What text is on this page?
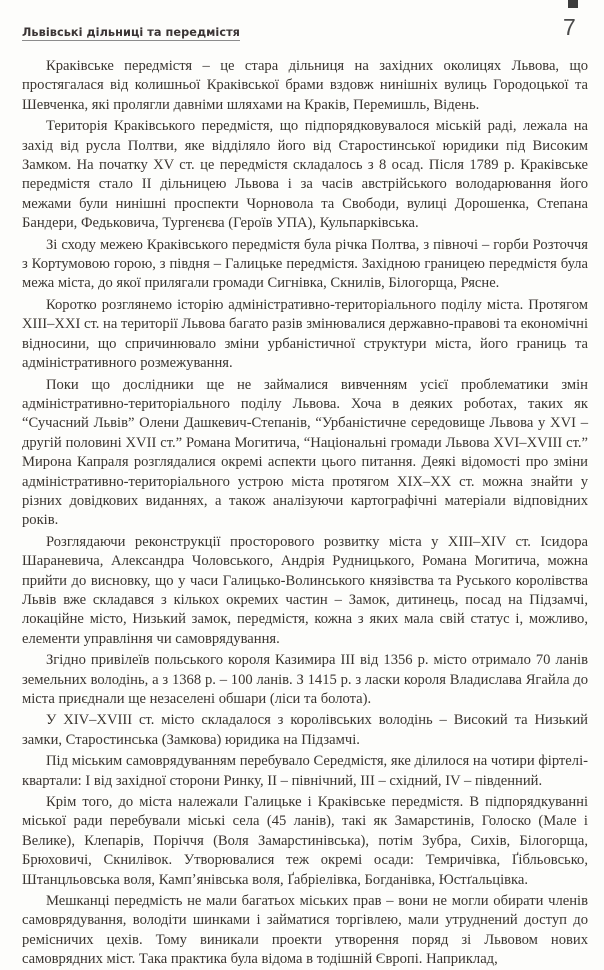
Львівські дільниці та передмістя	7

Краківське передмістя – це стара дільниця на західних околицях Львова, що простягалася від колишньої Краківської брами вздовж нинішніх вулиць Городоцької та Шевченка, які пролягли давніми шляхами на Краків, Перемишль, Відень.

Територія Краківського передмістя, що підпорядковувалося міській раді, лежала на захід від русла Полтви, яке відділяло його від Старостинської юридики під Високим Замком. На початку XV ст. це передмістя складалось з 8 осад. Після 1789 р. Краківське передмістя стало II дільницею Львова і за часів австрійського володарювання його межами були нинішні проспекти Чорновола та Свободи, вулиці Дорошенка, Степана Бандери, Федьковича, Тургенєва (Героїв УПА), Кульпарківська.

Зі сходу межею Краківського передмістя була річка Полтва, з півночі – горби Розточчя з Кортумовою горою, з півдня – Галицьке передмістя. Західною границею передмістя була межа міста, до якої прилягали громади Сигнівка, Скнилів, Білогорща, Рясне.

Коротко розглянемо історію адміністративно-територіального поділу міста. Протягом XIII–XXI ст. на території Львова багато разів змінювалися державно-правові та економічні відносини, що спричинювало зміни урбаністичної структури міста, його границь та адміністративного розмежування.

Поки що дослідники ще не займалися вивченням усієї проблематики змін адміністративно-територіального поділу Львова. Хоча в деяких роботах, таких як “Сучасний Львів” Олени Дашкевич-Степанів, “Урбаністичне середовище Львова у XVI – другій половині XVII ст.” Романа Могитича, “Національні громади Львова XVI–XVIII ст.” Мирона Капраля розглядалися окремі аспекти цього питання. Деякі відомості про зміни адміністративно-територіального устрою міста протягом XIX–XX ст. можна знайти у різних довідкових виданнях, а також аналізуючи картографічні матеріали відповідних років.

Розглядаючи реконструкції просторового розвитку міста у XIII–XIV ст. Ісидора Шараневича, Александра Чоловського, Андрія Рудницького, Романа Могитича, можна прийти до висновку, що у часи Галицько-Волинського князівства та Руського королівства Львів вже складався з кількох окремих частин – Замок, дитинець, посад на Підзамчі, локаційне місто, Низький замок, передмістя, кожна з яких мала свій статус і, можливо, елементи управління чи самоврядування.

Згідно привілеїв польського короля Казимира III від 1356 р. місто отримало 70 ланів земельних володінь, а з 1368 р. – 100 ланів. З 1415 р. з ласки короля Владислава Ягайла до міста приєднали ще незаселені обшари (ліси та болота).

У XIV–XVIII ст. місто складалося з королівських володінь – Високий та Низький замки, Старостинська (Замкова) юридика на Підзамчі.

Під міським самоврядуванням перебувало Середмістя, яке ділилося на чотири фіртелі-квартали: I від західної сторони Ринку, II – північний, III – східний, IV – південний.

Крім того, до міста належали Галицьке і Краківське передмістя. В підпорядкуванні міської ради перебували міські села (45 ланів), такі як Замарстинів, Голоско (Мале і Велике), Клепарів, Поріччя (Воля Замарстинівська), потім Зубра, Сихів, Білогорща, Брюховичі, Скнилівок. Утворювалися теж окремі осади: Темричівка, Ґібльовсько, Штанцльовська воля, Кампʼянівська воля, Ґабріелівка, Богданівка, Юстґальцівка.

Мешканці передмість не мали багатьох міських прав – вони не могли обирати членів самоврядування, володіти шинками і займатися торгівлею, мали утруднений доступ до ремісничих цехів. Тому виникали проекти утворення поряд зі Львовом нових самоврядних міст. Така практика була відома в тодішній Європі. Наприклад,
